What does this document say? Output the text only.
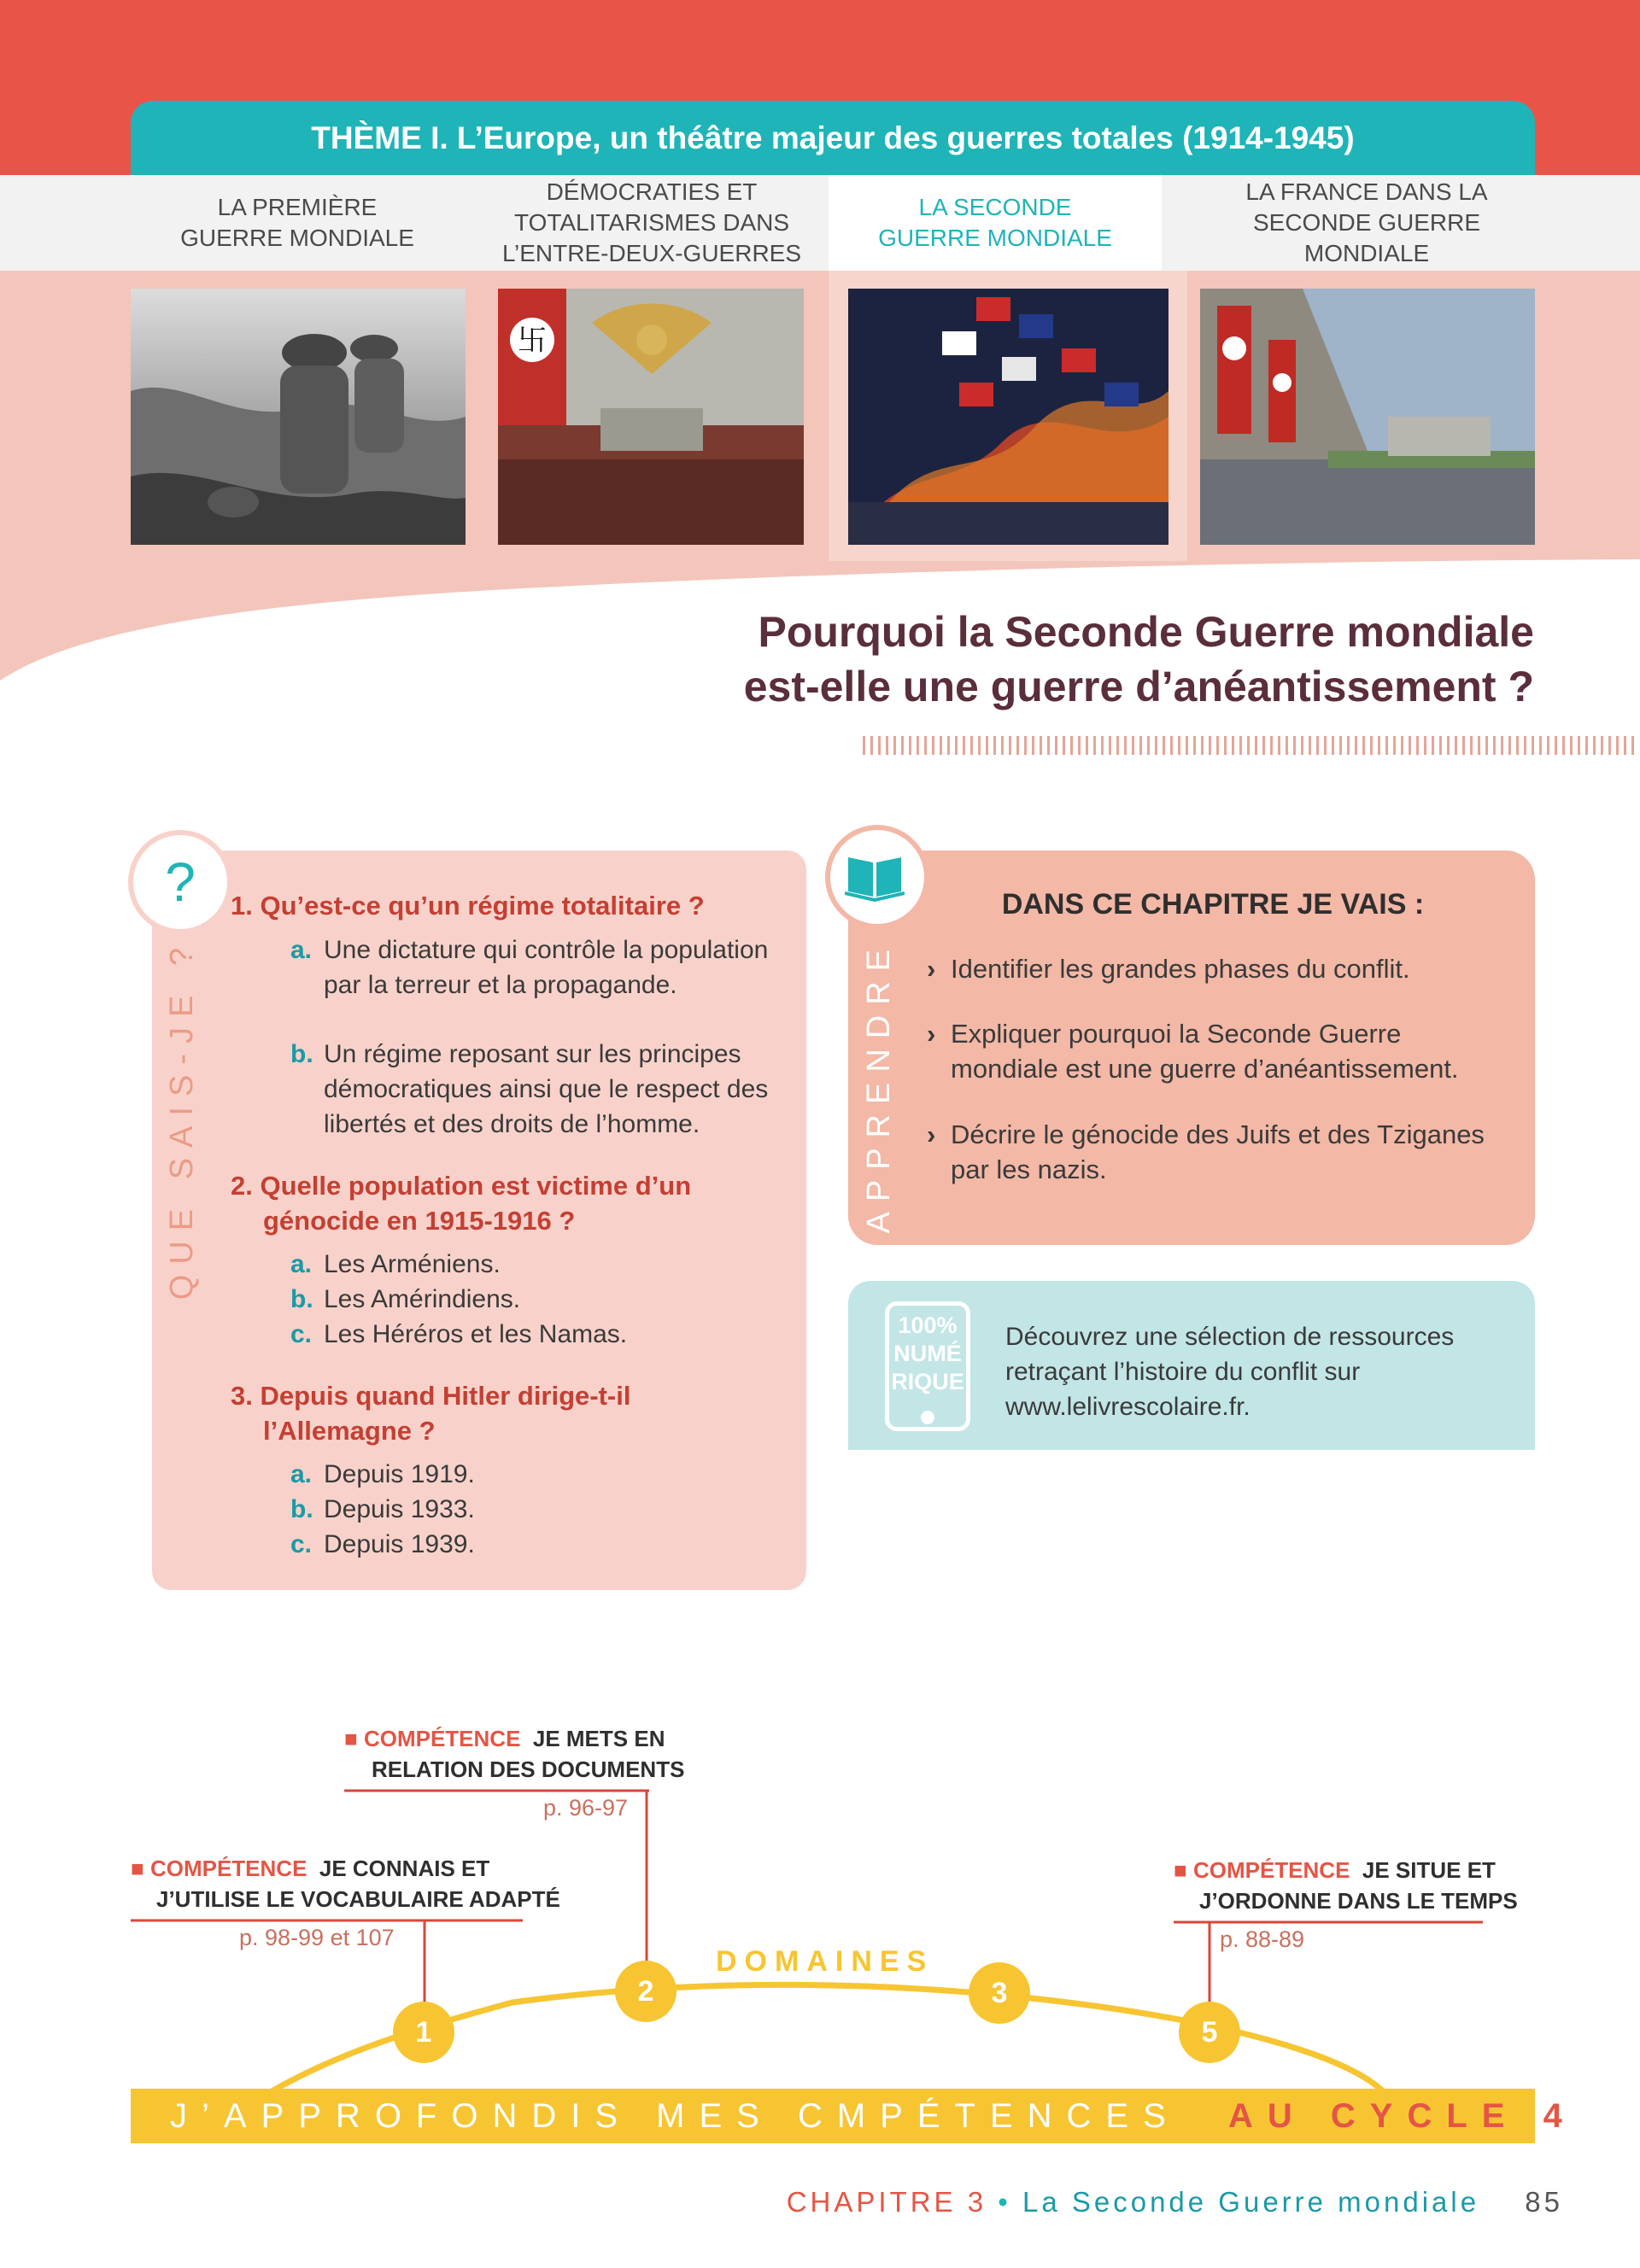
THÈME I. L’Europe, un théâtre majeur des guerres totales (1914-1945)
LA PREMIÈRE
GUERRE MONDIALE
DÉMOCRATIES ET
TOTALITARISMES DANS
L’ENTRE-DEUX-GUERRES
LA SECONDE
GUERRE MONDIALE
LA FRANCE DANS LA
SECONDE GUERRE MONDIALE
卐
Pourquoi la Seconde Guerre mondiale
est-elle une guerre d’anéantissement ?
?
QUE SAIS-JE ?
1. Qu’est-ce qu’un régime totalitaire ?
a. Une dictature qui contrôle la population par la terreur et la propagande.
b. Un régime reposant sur les principes démocratiques ainsi que le respect des libertés et des droits de l’homme.
2. Quelle population est victime d’un
génocide en 1915-1916 ?
a. Les Arméniens.
b. Les Amérindiens.
c. Les Héréros et les Namas.
3. Depuis quand Hitler dirige-t-il
l’Allemagne ?
a. Depuis 1919.
b. Depuis 1933.
c. Depuis 1939.
APPRENDRE
DANS CE CHAPITRE JE VAIS :
› Identifier les grandes phases du conflit.
› Expliquer pourquoi la Seconde Guerre mondiale est une guerre d’anéantissement.
› Décrire le génocide des Juifs et des Tziganes par les nazis.
100%
NUMÉ
RIQUE
Découvrez une sélection de ressources
retraçant l’histoire du conflit sur
www.lelivrescolaire.fr.
1
2	3
5
DOMAINES
■ COMPÉTENCE JE METS EN
RELATION DES DOCUMENTS
p. 96-97
■ COMPÉTENCE JE CONNAIS ET
J’UTILISE LE VOCABULAIRE ADAPTÉ
p. 98-99 et 107
■ COMPÉTENCE JE SITUE ET
J’ORDONNE DANS LE TEMPS
p. 88-89
J’APPROFONDIS MES C MPÉTENCES
AU CYCLE 4
CHAPITRE 3 • La Seconde Guerre mondiale 85
